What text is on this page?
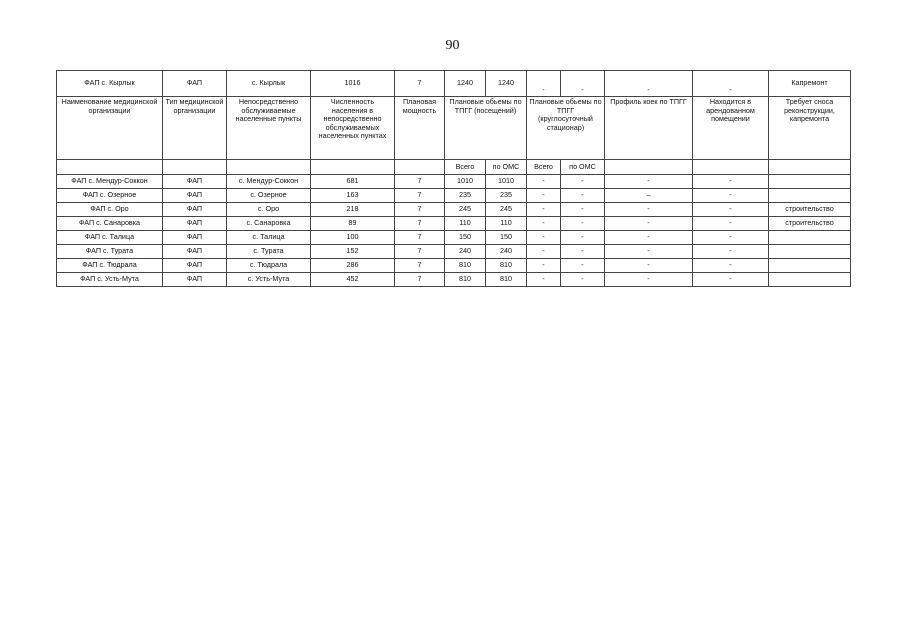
90
ФАП с. Кырлык	ФАП	с. Кырлык	1016	7	1240	1240	-	-	-	-	Капремонт
Наименование медицинской организации	Тип медицинской организации	Непосредственно обслуживаемые населенные пункты	Численность населения в непосредственно обслуживаемых населенных пунктах	Плановая мощность	Плановые обьемы по ТПГГ (посещений)		Плановые обьемы по ТПГГ (круглосуточный стационар)		Профиль коек по ТПГГ	Находится в арендованном помещении	Требует сноса реконструкции, капремонта
					Всего	по ОМС	Всего	по ОМС			
ФАП с. Мендур-Соккон	ФАП	с. Мендур-Соккон	681	7	1010	1010	-	-	-	-	
ФАП с. Озерное	ФАП	с. Озерное	163	7	235	235	-	-	–	-	
ФАП с. Оро	ФАП	с. Оро	218	7	245	245	-	-	-	-	строительство
ФАП с. Санаровка	ФАП	с. Санаровка	89	7	110	110	-	-	-	-	строительство
ФАП с. Талица	ФАП	с. Талица	100	7	150	150	-	-	-	-	
ФАП с. Турата	ФАП	с. Турата	152	7	240	240	-	-	-	-	
ФАП с. Тюдрала	ФАП	с. Тюдрала	286	7	810	810	-	-	-	-	
ФАП с. Усть-Мута	ФАП	с. Усть-Мута	452	7	810	810	-	-	-	-	
